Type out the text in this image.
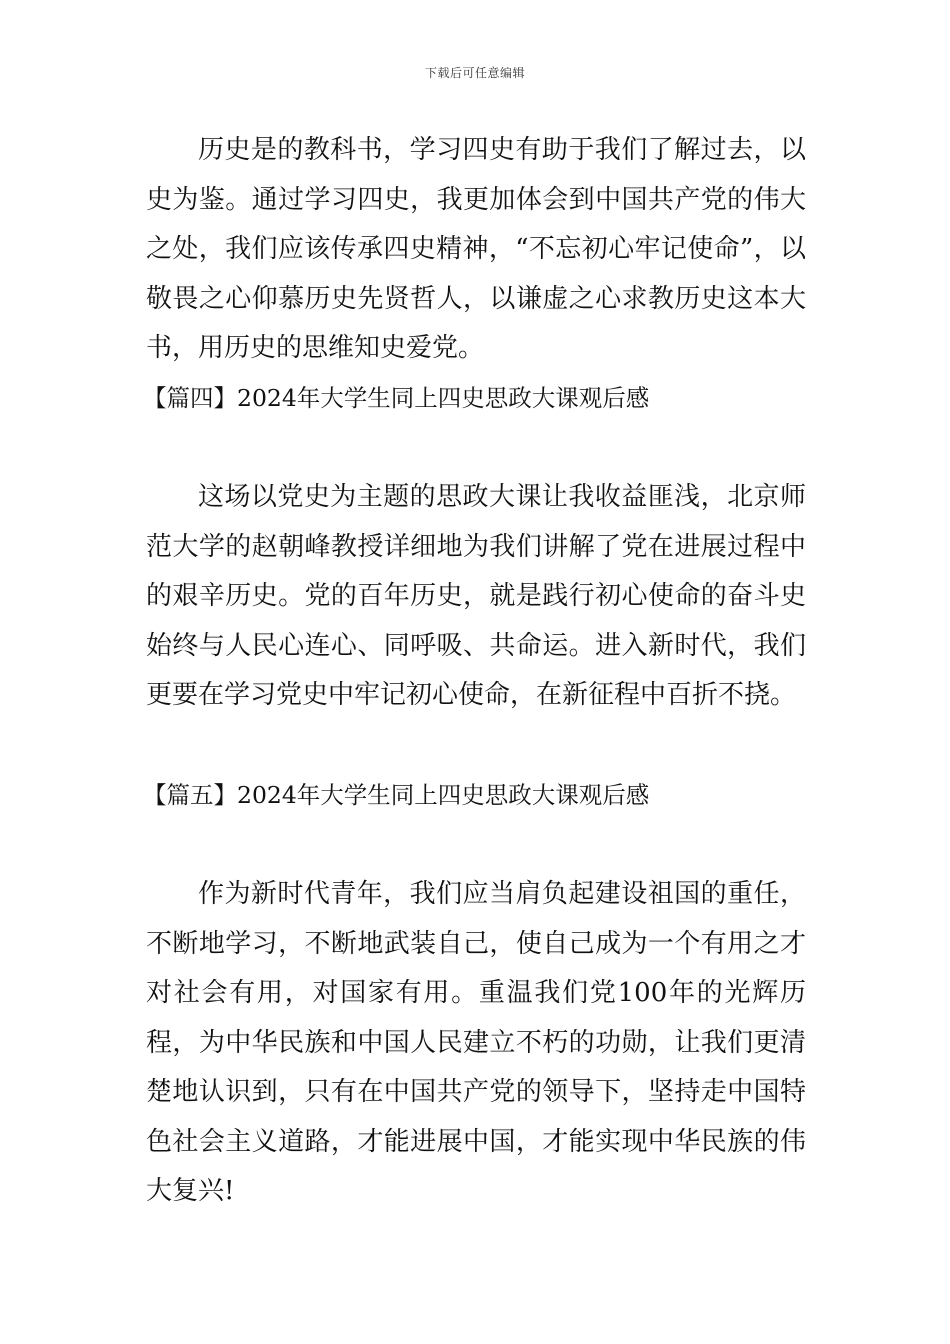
下载后可任意编辑

历史是的教科书，学习四史有助于我们了解过去，以史为鉴。通过学习四史，我更加体会到中国共产党的伟大之处，我们应该传承四史精神，“不忘初心牢记使命”，以敬畏之心仰慕历史先贤哲人，以谦虚之心求教历史这本大书，用历史的思维知史爱党。

【篇四】2024年大学生同上四史思政大课观后感

这场以党史为主题的思政大课让我收益匪浅，北京师范大学的赵朝峰教授详细地为我们讲解了党在进展过程中的艰辛历史。党的百年历史，就是践行初心使命的奋斗史始终与人民心连心、同呼吸、共命运。进入新时代，我们更要在学习党史中牢记初心使命，在新征程中百折不挠。

【篇五】2024年大学生同上四史思政大课观后感

作为新时代青年，我们应当肩负起建设祖国的重任，不断地学习，不断地武装自己，使自己成为一个有用之才对社会有用，对国家有用。重温我们党100年的光辉历程，为中华民族和中国人民建立不朽的功勋，让我们更清楚地认识到，只有在中国共产党的领导下，坚持走中国特色社会主义道路，才能进展中国，才能实现中华民族的伟大复兴!
